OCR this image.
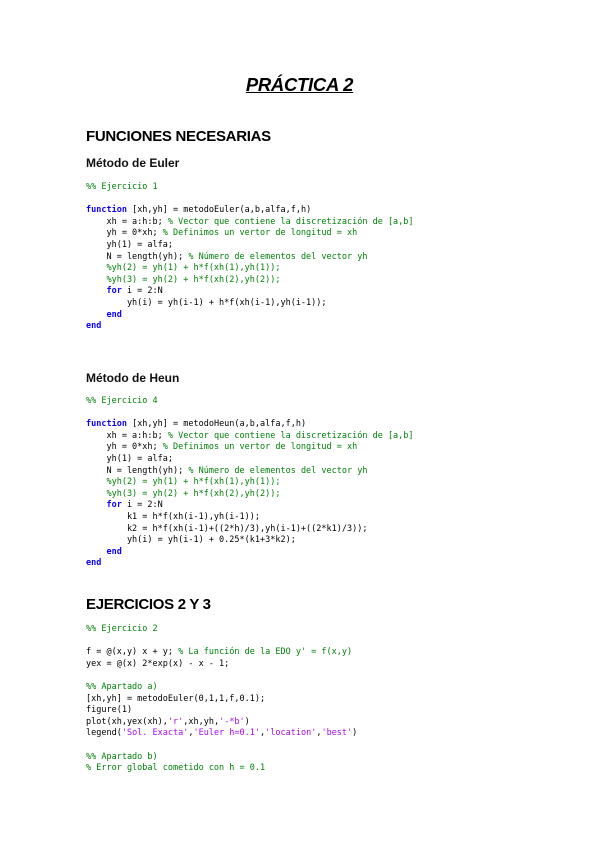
PRÁCTICA 2
FUNCIONES NECESARIAS
Método de Euler
%% Ejercicio 1

function [xh,yh] = metodoEuler(a,b,alfa,f,h)
xh = a:h:b; % Vector que contiene la discretización de [a,b]
yh = 0*xh; % Definimos un vertor de longitud = xh
yh(1) = alfa;
N = length(yh); % Número de elementos del vector yh
%yh(2) = yh(1) + h*f(xh(1),yh(1));
%yh(3) = yh(2) + h*f(xh(2),yh(2));
for i = 2:N
yh(i) = yh(i-1) + h*f(xh(i-1),yh(i-1));
end
end
Método de Heun
%% Ejercicio 4

function [xh,yh] = metodoHeun(a,b,alfa,f,h)
xh = a:h:b; % Vector que contiene la discretización de [a,b]
yh = 0*xh; % Definimos un vertor de longitud = xh
yh(1) = alfa;
N = length(yh); % Número de elementos del vector yh
%yh(2) = yh(1) + h*f(xh(1),yh(1));
%yh(3) = yh(2) + h*f(xh(2),yh(2));
for i = 2:N
k1 = h*f(xh(i-1),yh(i-1));
k2 = h*f(xh(i-1)+((2*h)/3),yh(i-1)+((2*k1)/3));
yh(i) = yh(i-1) + 0.25*(k1+3*k2);
end
end
EJERCICIOS 2 Y 3
%% Ejercicio 2

f = @(x,y) x + y; % La función de la EDO y' = f(x,y)
yex = @(x) 2*exp(x) - x - 1;

%% Apartado a)
[xh,yh] = metodoEuler(0,1,1,f,0.1);
figure(1)
plot(xh,yex(xh),'r',xh,yh,'-*b')
legend('Sol. Exacta','Euler h=0.1','location','best')

%% Apartado b)
% Error global cometido con h = 0.1
